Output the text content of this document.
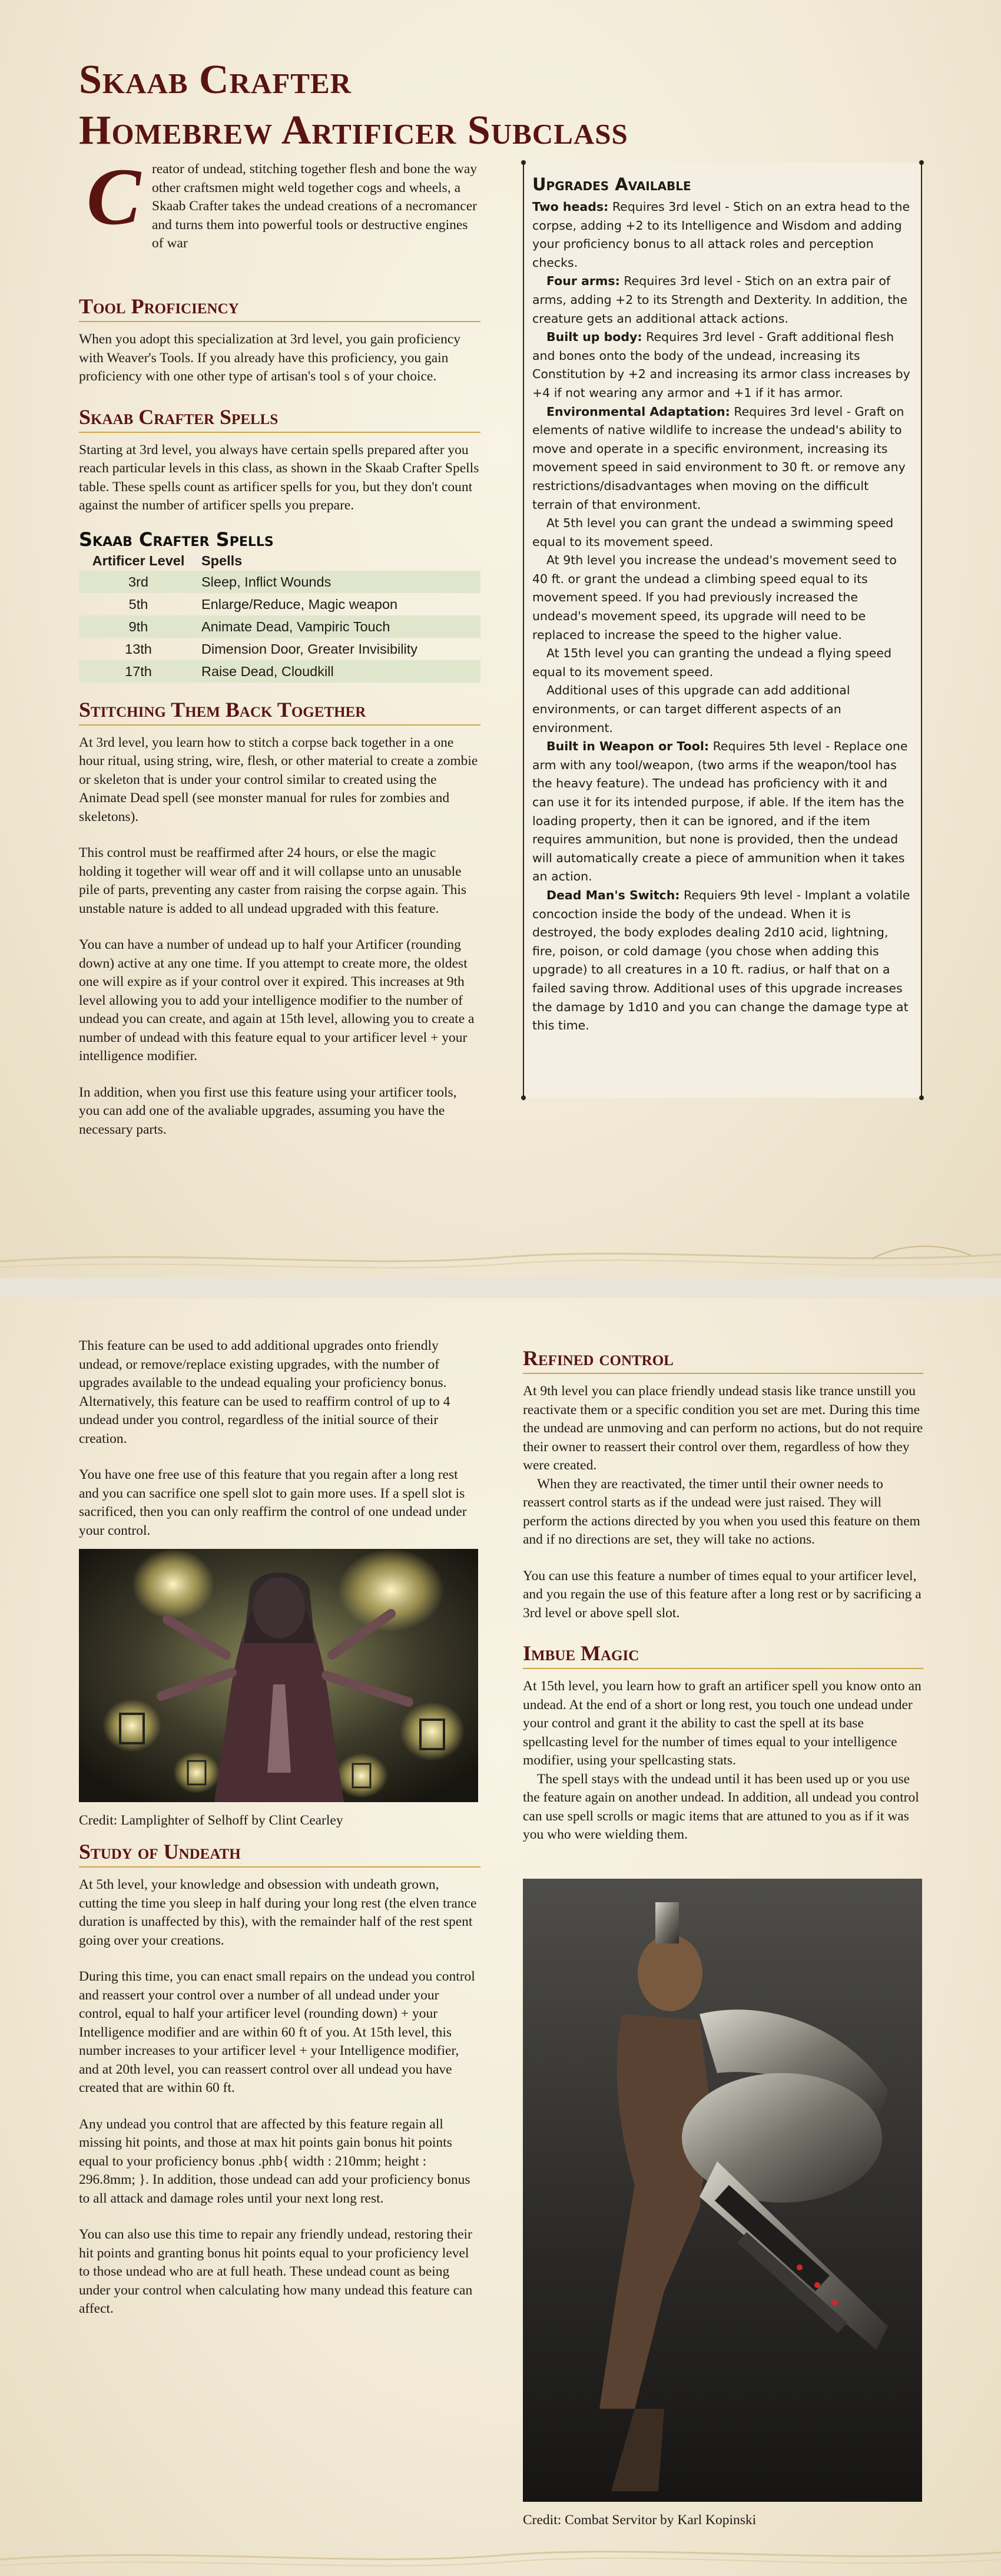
Skaab Crafter
Homebrew Artificer Subclass
C reator of undead, stitching together flesh and bone the way other craftsmen might weld together cogs and wheels, a Skaab Crafter takes the undead creations of a necromancer and turns them into powerful tools or destructive engines of war
Tool Proficiency

When you adopt this specialization at 3rd level, you gain proficiency with Weaver's Tools. If you already have this proficiency, you gain proficiency with one other type of artisan's tool s of your choice.

Skaab Crafter Spells

Starting at 3rd level, you always have certain spells prepared after you reach particular levels in this class, as shown in the Skaab Crafter Spells table. These spells count as artificer spells for you, but they don't count against the number of artificer spells you prepare.

Skaab Crafter Spells
Artificer Level	Spells
3rd	Sleep, Inflict Wounds
5th	Enlarge/Reduce, Magic weapon
9th	Animate Dead, Vampiric Touch
13th	Dimension Door, Greater Invisibility
17th	Raise Dead, Cloudkill
Stitching Them Back Together

At 3rd level, you learn how to stitch a corpse back together in a one hour ritual, using string, wire, flesh, or other material to create a zombie or skeleton that is under your control similar to created using the Animate Dead spell (see monster manual for rules for zombies and skeletons).

This control must be reaffirmed after 24 hours, or else the magic holding it together will wear off and it will collapse unto an unusable pile of parts, preventing any caster from raising the corpse again. This unstable nature is added to all undead upgraded with this feature.

You can have a number of undead up to half your Artificer (rounding down) active at any one time. If you attempt to create more, the oldest one will expire as if your control over it expired. This increases at 9th level allowing you to add your intelligence modifier to the number of undead you can create, and again at 15th level, allowing you to create a number of undead with this feature equal to your artificer level + your intelligence modifier.

In addition, when you first use this feature using your artificer tools, you can add one of the avaliable upgrades, assuming you have the necessary parts.

Upgrades Available

Two heads: Requires 3rd level - Stich on an extra head to the corpse, adding +2 to its Intelligence and Wisdom and adding your proficiency bonus to all attack roles and perception checks.

Four arms: Requires 3rd level - Stich on an extra pair of arms, adding +2 to its Strength and Dexterity. In addition, the creature gets an additional attack actions.

Built up body: Requires 3rd level - Graft additional flesh and bones onto the body of the undead, increasing its Constitution by +2 and increasing its armor class increases by +4 if not wearing any armor and +1 if it has armor.

Environmental Adaptation: Requires 3rd level - Graft on elements of native wildlife to increase the undead's ability to move and operate in a specific environment, increasing its movement speed in said environment to 30 ft. or remove any restrictions/disadvantages when moving on the difficult terrain of that environment.

At 5th level you can grant the undead a swimming speed equal to its movement speed.

At 9th level you increase the undead's movement seed to 40 ft. or grant the undead a climbing speed equal to its movement speed. If you had previously increased the undead's movement speed, its upgrade will need to be replaced to increase the speed to the higher value.

At 15th level you can granting the undead a flying speed equal to its movement speed.

Additional uses of this upgrade can add additional environments, or can target different aspects of an environment.

Built in Weapon or Tool: Requires 5th level - Replace one arm with any tool/weapon, (two arms if the weapon/tool has the heavy feature). The undead has proficiency with it and can use it for its intended purpose, if able. If the item has the loading property, then it can be ignored, and if the item requires ammunition, but none is provided, then the undead will automatically create a piece of ammunition when it takes an action.

Dead Man's Switch: Requiers 9th level - Implant a volatile concoction inside the body of the undead. When it is destroyed, the body explodes dealing 2d10 acid, lightning, fire, poison, or cold damage (you chose when adding this upgrade) to all creatures in a 10 ft. radius, or half that on a failed saving throw. Additional uses of this upgrade increases the damage by 1d10 and you can change the damage type at this time.

This feature can be used to add additional upgrades onto friendly undead, or remove/replace existing upgrades, with the number of upgrades available to the undead equaling your proficiency bonus. Alternatively, this feature can be used to reaffirm control of up to 4 undead under you control, regardless of the initial source of their creation.

You have one free use of this feature that you regain after a long rest and you can sacrifice one spell slot to gain more uses. If a spell slot is sacrificed, then you can only reaffirm the control of one undead under your control.

Credit: Lamplighter of Selhoff by Clint Cearley
Study of Undeath

At 5th level, your knowledge and obsession with undeath grown, cutting the time you sleep in half during your long rest (the elven trance duration is unaffected by this), with the remainder half of the rest spent going over your creations.

During this time, you can enact small repairs on the undead you control and reassert your control over a number of all undead under your control, equal to half your artificer level (rounding down) + your Intelligence modifier and are within 60 ft of you. At 15th level, this number increases to your artificer level + your Intelligence modifier, and at 20th level, you can reassert control over all undead you have created that are within 60 ft.

Any undead you control that are affected by this feature regain all missing hit points, and those at max hit points gain bonus hit points equal to your proficiency bonus .phb{ width : 210mm; height : 296.8mm; }. In addition, those undead can add your proficiency bonus to all attack and damage roles until your next long rest.

You can also use this time to repair any friendly undead, restoring their hit points and granting bonus hit points equal to your proficiency level to those undead who are at full heath. These undead count as being under your control when calculating how many undead this feature can affect.

Refined control

At 9th level you can place friendly undead stasis like trance unstill you reactivate them or a specific condition you set are met. During this time the undead are unmoving and can perform no actions, but do not require their owner to reassert their control over them, regardless of how they were created.

When they are reactivated, the timer until their owner needs to reassert control starts as if the undead were just raised. They will perform the actions directed by you when you used this feature on them and if no directions are set, they will take no actions.

You can use this feature a number of times equal to your artificer level, and you regain the use of this feature after a long rest or by sacrificing a 3rd level or above spell slot.

Imbue Magic

At 15th level, you learn how to graft an artificer spell you know onto an undead. At the end of a short or long rest, you touch one undead under your control and grant it the ability to cast the spell at its base spellcasting level for the number of times equal to your intelligence modifier, using your spellcasting stats.

The spell stays with the undead until it has been used up or you use the feature again on another undead. In addition, all undead you control can use spell scrolls or magic items that are attuned to you as if it was you who were wielding them.

Credit: Combat Servitor by Karl Kopinski
